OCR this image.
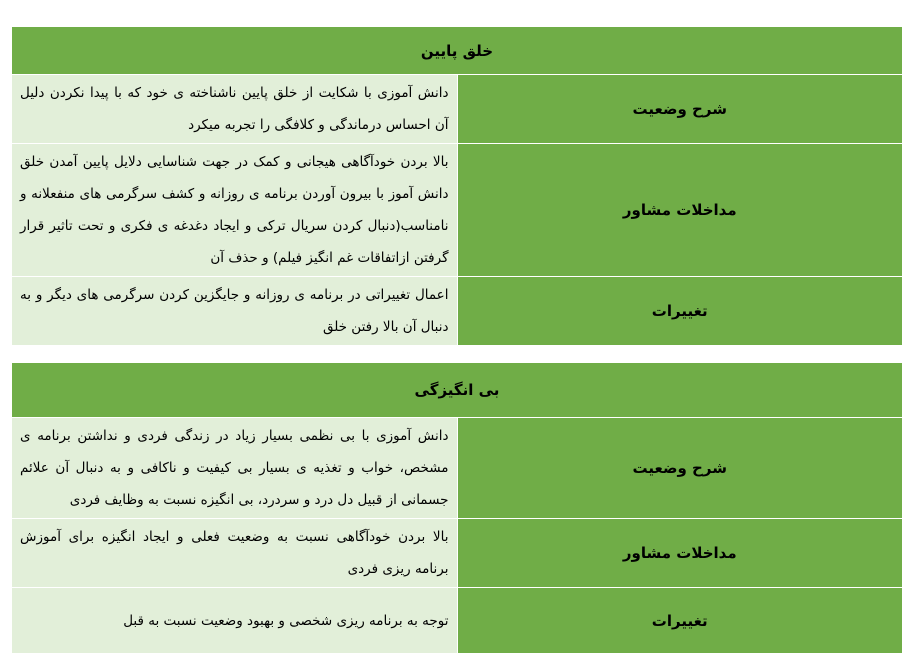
خلق پایین	
شرح وضعیت	دانش آموزی با شکایت از خلق پایین ناشناخته ی خود که با پیدا نکردن دلیل آن احساس درماندگی و کلافگی را تجربه میکرد
مداخلات مشاور	بالا بردن خودآگاهی هیجانی و کمک در جهت شناسایی دلایل پایین آمدن خلق دانش آموز با بیرون آوردن برنامه ی روزانه و کشف سرگرمی های منفعلانه و نامناسب(دنبال کردن سریال ترکی و ایجاد دغدغه ی فکری و تحت تاثیر قرار گرفتن ازاتفاقات غم انگیز فیلم) و حذف آن
تغییرات	اعمال تغییراتی در برنامه ی روزانه و جایگزین کردن سرگرمی های دیگر و به دنبال آن بالا رفتن خلق
بی انگیزگی	
شرح وضعیت	دانش آموزی با بی نظمی بسیار زیاد در زندگی فردی و نداشتن برنامه ی مشخص، خواب و تغذیه ی بسیار بی کیفیت و ناکافی و به دنبال آن علائم جسمانی از قبیل دل درد و سردرد، بی انگیزه نسبت به وظایف فردی
مداخلات مشاور	بالا بردن خودآگاهی نسبت به وضعیت فعلی و ایجاد انگیزه برای آموزش برنامه ریزی فردی
تغییرات	توجه به برنامه ریزی شخصی و بهبود وضعیت نسبت به قبل
